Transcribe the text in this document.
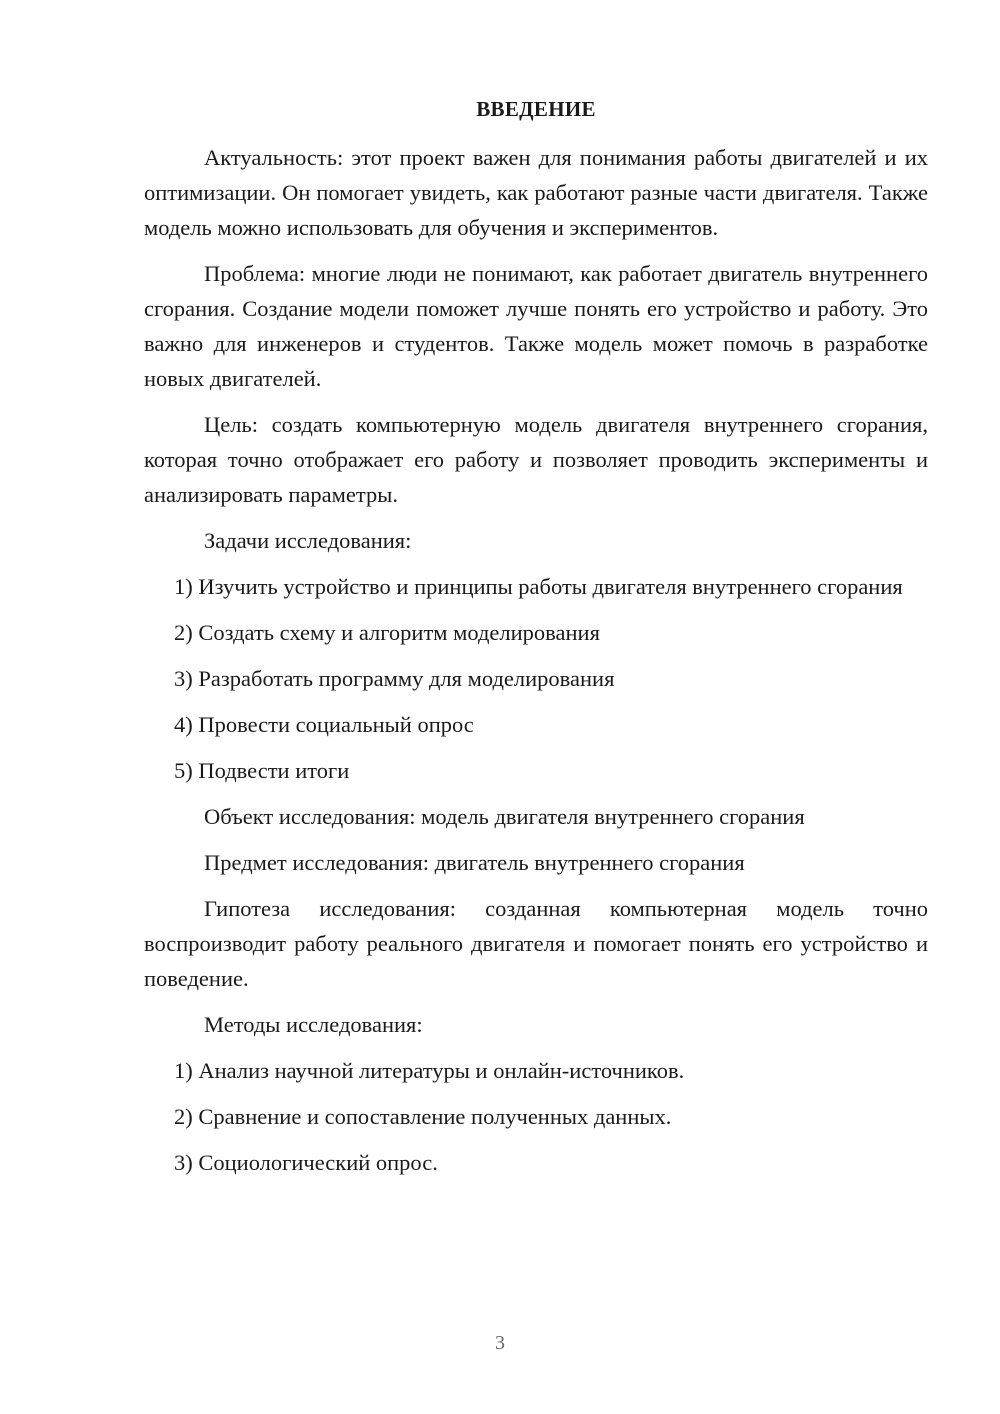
ВВЕДЕНИЕ

Актуальность: этот проект важен для понимания работы двигателей и их оптимизации. Он помогает увидеть, как работают разные части двигателя. Также модель можно использовать для обучения и экспериментов.

Проблема: многие люди не понимают, как работает двигатель внутреннего сгорания. Создание модели поможет лучше понять его устройство и работу. Это важно для инженеров и студентов. Также модель может помочь в разработке новых двигателей.

Цель: создать компьютерную модель двигателя внутреннего сгорания, которая точно отображает его работу и позволяет проводить эксперименты и анализировать параметры.

Задачи исследования:

1) Изучить устройство и принципы работы двигателя внутреннего сгорания

2) Создать схему и алгоритм моделирования

3) Разработать программу для моделирования

4) Провести социальный опрос

5) Подвести итоги

Объект исследования: модель двигателя внутреннего сгорания

Предмет исследования: двигатель внутреннего сгорания

Гипотеза исследования: созданная компьютерная модель точно воспроизводит работу реального двигателя и помогает понять его устройство и поведение.

Методы исследования:

1) Анализ научной литературы и онлайн-источников.

2) Сравнение и сопоставление полученных данных.

3) Социологический опрос.

3
